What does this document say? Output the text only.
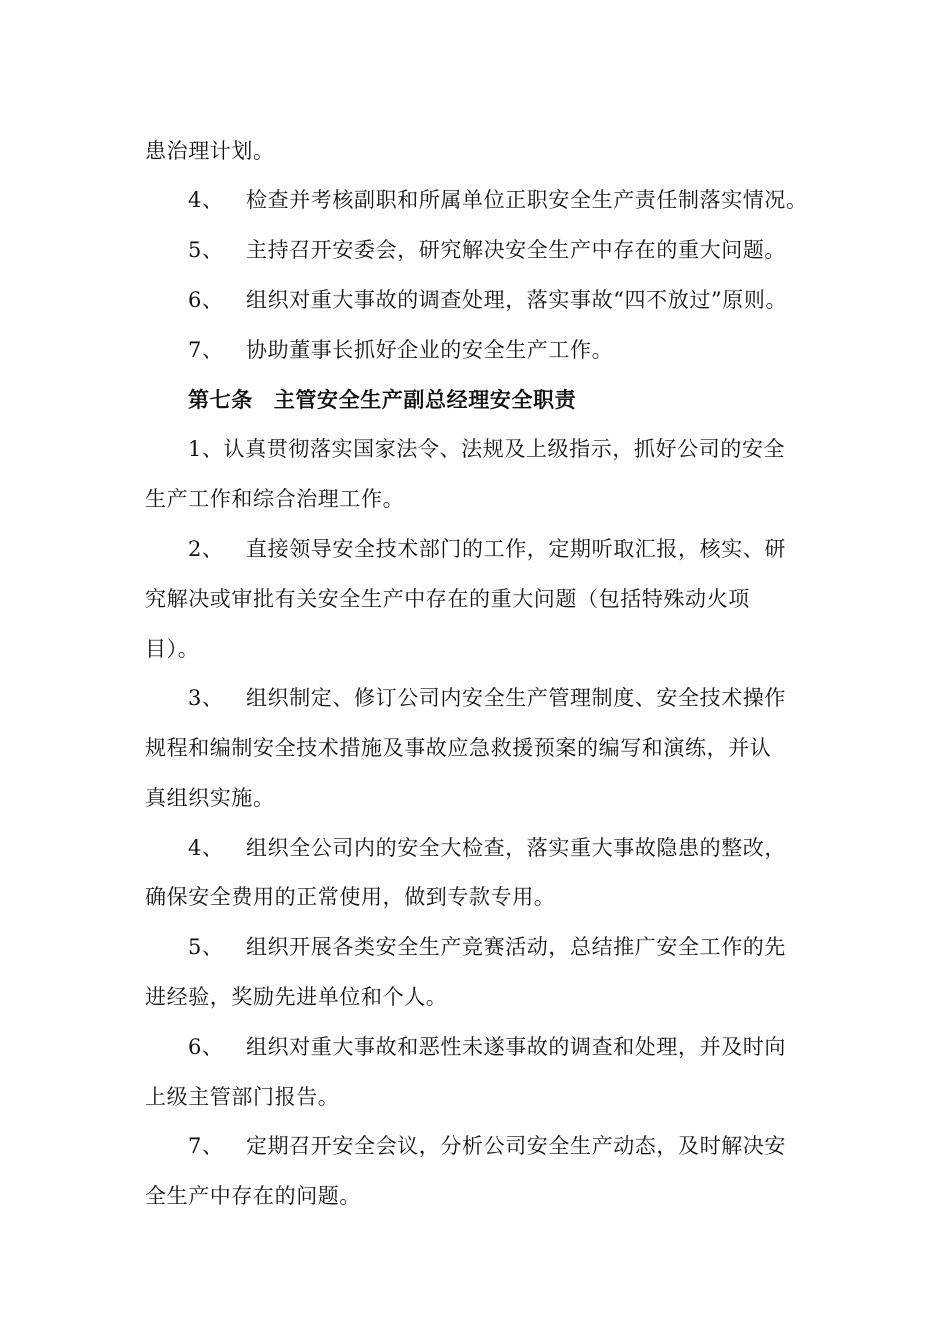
患治理计划。
4、 检查并考核副职和所属单位正职安全生产责任制落实情况。
5、 主持召开安委会，研究解决安全生产中存在的重大问题。
6、 组织对重大事故的调查处理，落实事故“四不放过”原则。
7、 协助董事长抓好企业的安全生产工作。
第七条 主管安全生产副总经理安全职责
1、认真贯彻落实国家法令、法规及上级指示，抓好公司的安全
生产工作和综合治理工作。
2、 直接领导安全技术部门的工作，定期听取汇报，核实、研
究解决或审批有关安全生产中存在的重大问题（包括特殊动火项
目）。
3、 组织制定、修订公司内安全生产管理制度、安全技术操作
规程和编制安全技术措施及事故应急救援预案的编写和演练，并认
真组织实施。
4、 组织全公司内的安全大检查，落实重大事故隐患的整改，
确保安全费用的正常使用，做到专款专用。
5、 组织开展各类安全生产竞赛活动，总结推广安全工作的先
进经验，奖励先进单位和个人。
6、 组织对重大事故和恶性未遂事故的调查和处理，并及时向
上级主管部门报告。
7、 定期召开安全会议，分析公司安全生产动态，及时解决安
全生产中存在的问题。
